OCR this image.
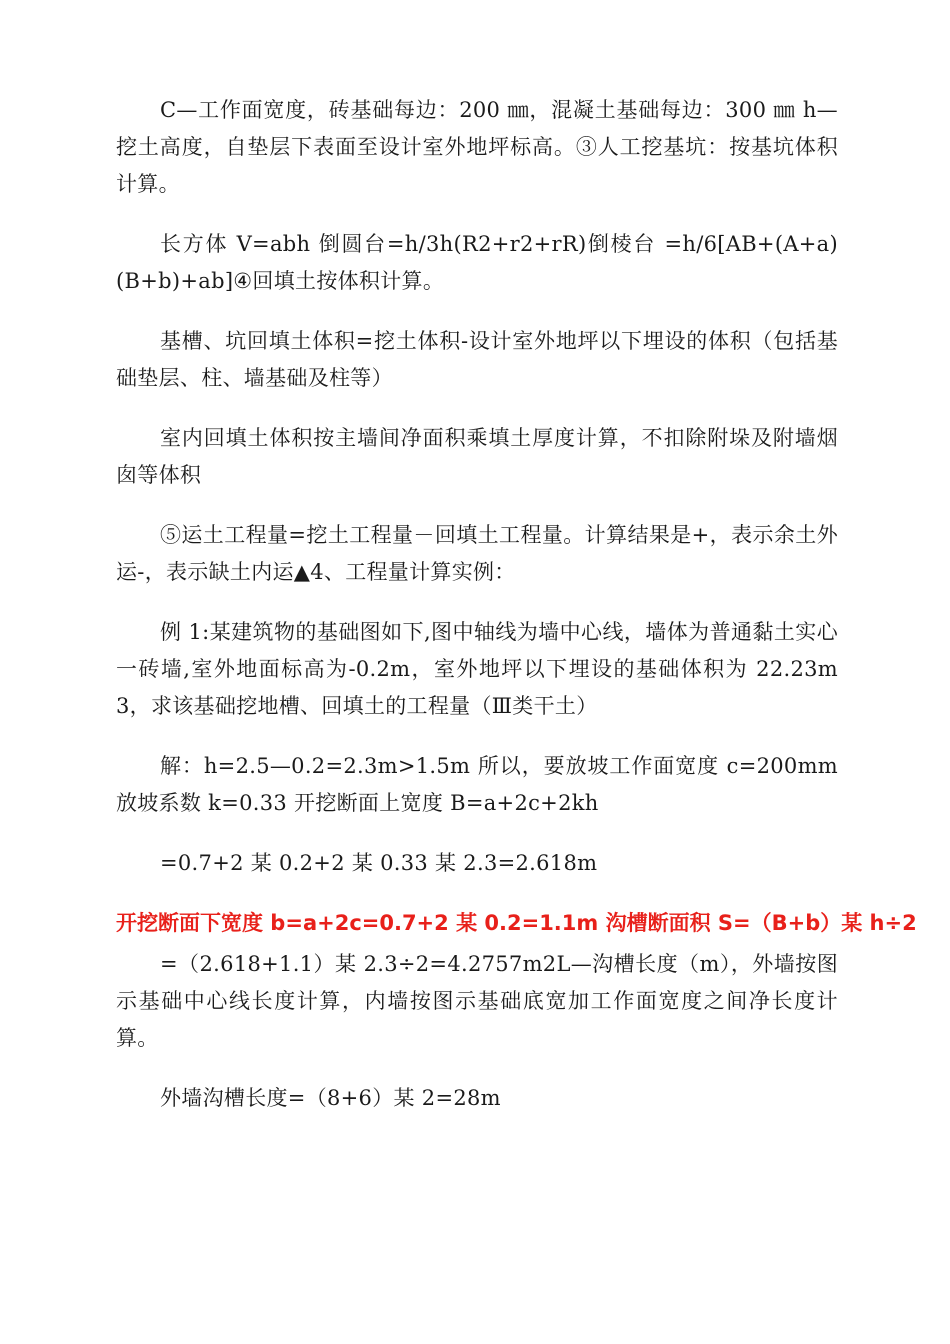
C—工作面宽度，砖基础每边：200 ㎜，混凝土基础每边：300 ㎜ h—挖土高度，自垫层下表面至设计室外地坪标高。③人工挖基坑：按基坑体积计算。

长方体 V=abh 倒圆台=h/3h(R2+r2+rR)倒棱台 =h/6[AB+(A+a)(B+b)+ab]④回填土按体积计算。

基槽、坑回填土体积=挖土体积-设计室外地坪以下埋设的体积（包括基础垫层、柱、墙基础及柱等）

室内回填土体积按主墙间净面积乘填土厚度计算，不扣除附垛及附墙烟囱等体积

⑤运土工程量=挖土工程量－回填土工程量。计算结果是+，表示余土外运-，表示缺土内运▲4、工程量计算实例：

例 1:某建筑物的基础图如下,图中轴线为墙中心线，墙体为普通黏土实心一砖墙,室外地面标高为-0.2m，室外地坪以下埋设的基础体积为 22.23m3，求该基础挖地槽、回填土的工程量（Ⅲ类干土）

解：h=2.5—0.2=2.3m>1.5m 所以，要放坡工作面宽度 c=200mm 放坡系数 k=0.33 开挖断面上宽度 B=a+2c+2kh

=0.7+2 某 0.2+2 某 0.33 某 2.3=2.618m

开挖断面下宽度 b=a+2c=0.7+2 某 0.2=1.1m 沟槽断面积 S=（B+b）某 h÷2

=（2.618+1.1）某 2.3÷2=4.2757m2L—沟槽长度（m），外墙按图示基础中心线长度计算，内墙按图示基础底宽加工作面宽度之间净长度计算。

外墙沟槽长度=（8+6）某 2=28m
